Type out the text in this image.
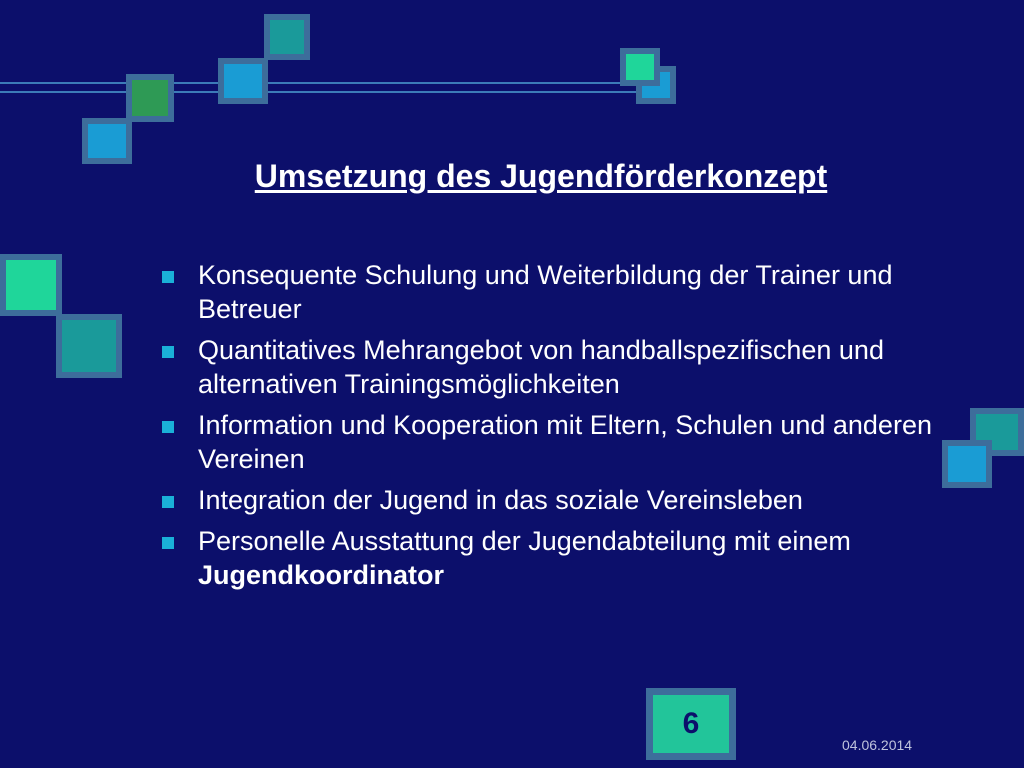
Umsetzung des Jugendförderkonzept
Konsequente Schulung und Weiterbildung der Trainer und Betreuer
Quantitatives Mehrangebot von handballspezifischen und alternativen Trainingsmöglichkeiten
Information und Kooperation mit Eltern, Schulen und anderen Vereinen
Integration der Jugend in das soziale Vereinsleben
Personelle Ausstattung der Jugendabteilung mit einem Jugendkoordinator
6
04.06.2014
